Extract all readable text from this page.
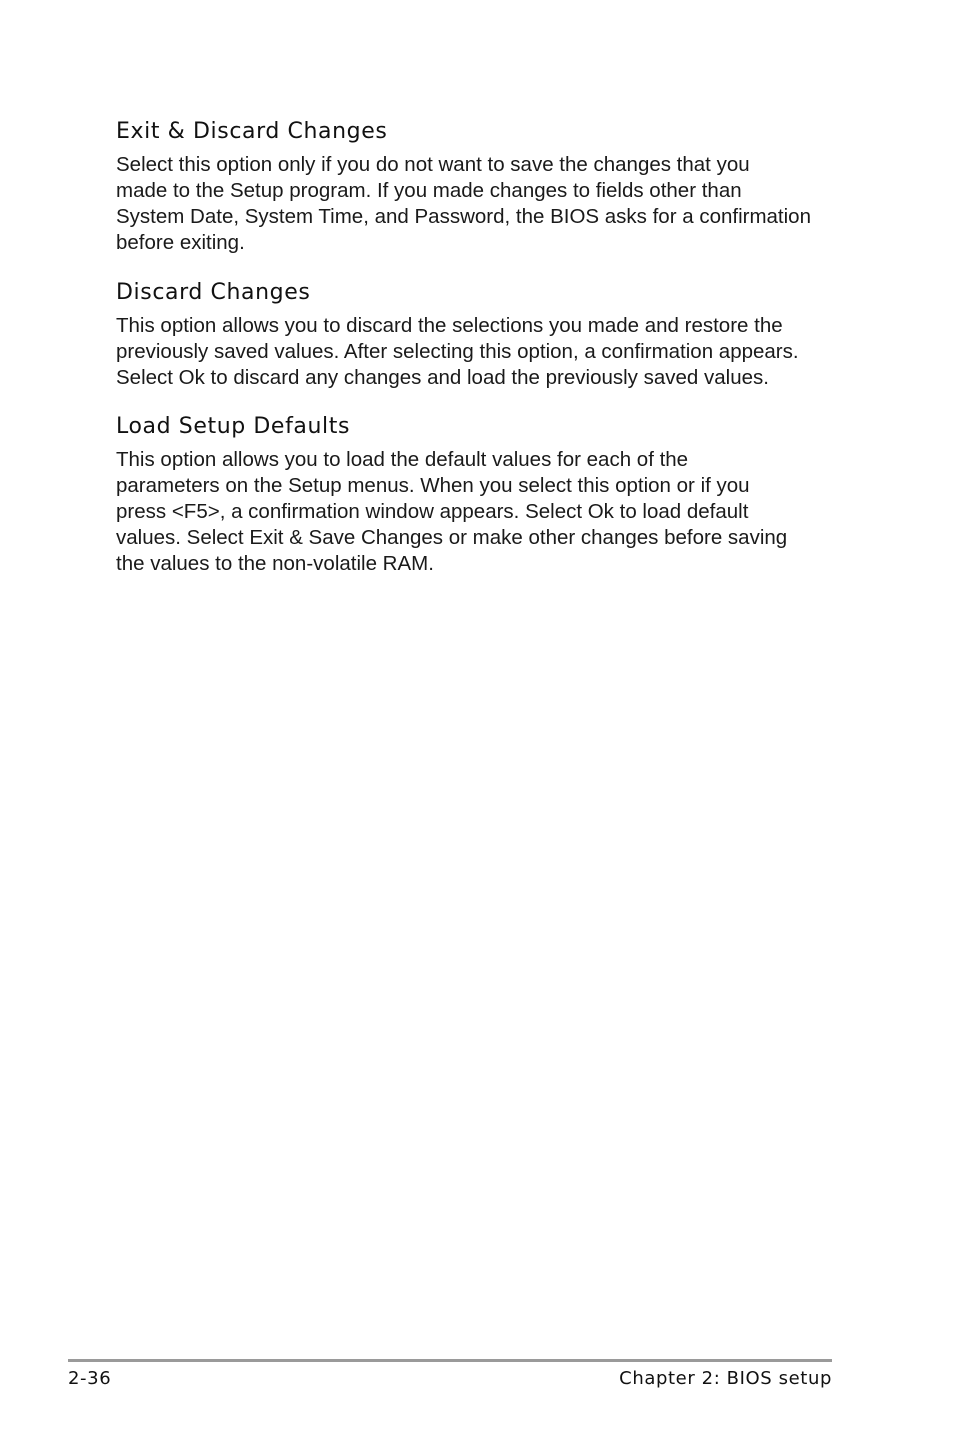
Exit & Discard Changes

Select this option only if you do not want to save the changes that you
made to the Setup program. If you made changes to fields other than
System Date, System Time, and Password, the BIOS asks for a confirmation
before exiting.

Discard Changes

This option allows you to discard the selections you made and restore the
previously saved values. After selecting this option, a confirmation appears.
Select Ok to discard any changes and load the previously saved values.

Load Setup Defaults

This option allows you to load the default values for each of the
parameters on the Setup menus. When you select this option or if you
press <F5>, a confirmation window appears. Select Ok to load default
values. Select Exit & Save Changes or make other changes before saving
the values to the non-volatile RAM.

2-36	Chapter 2: BIOS setup
